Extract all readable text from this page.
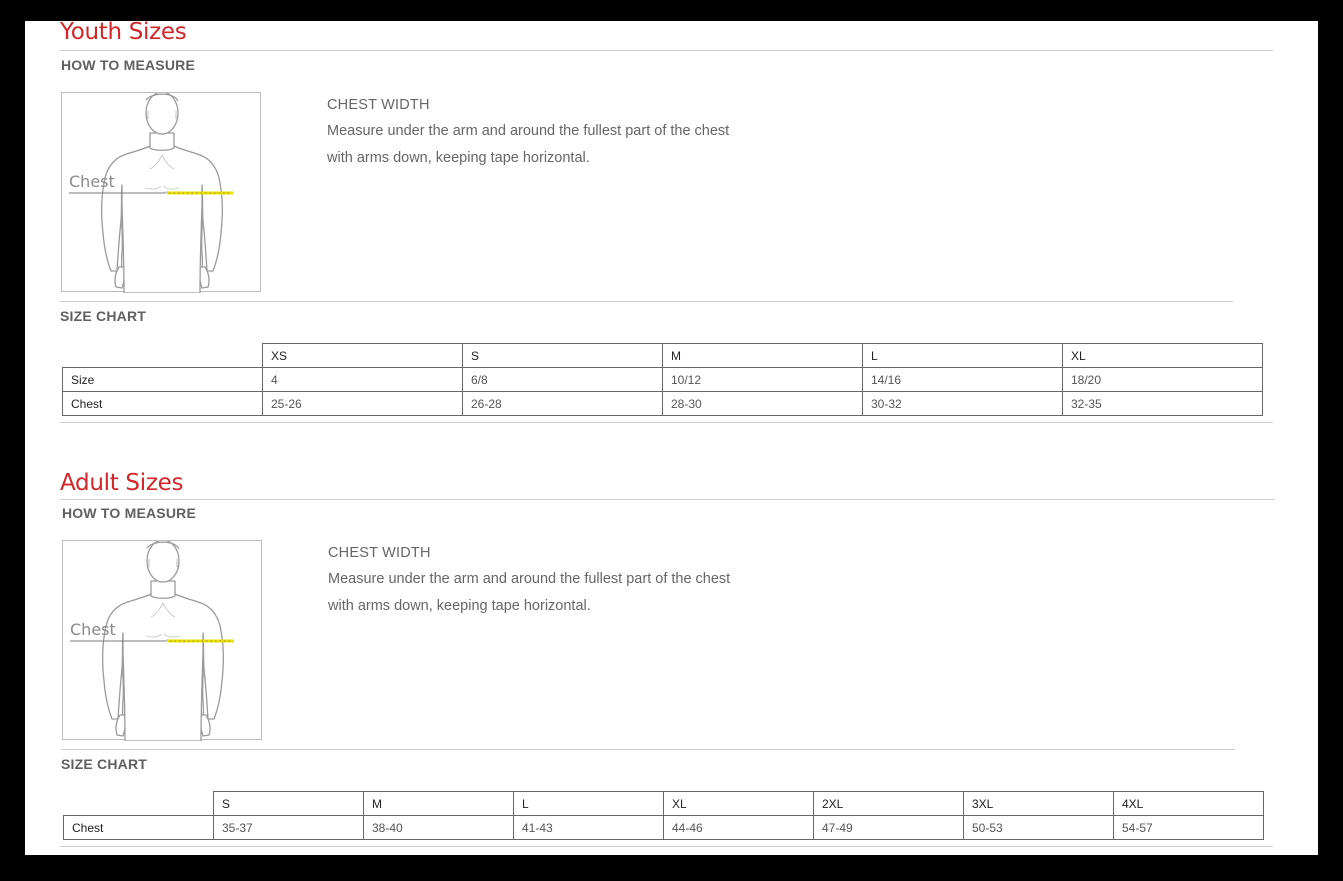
Youth Sizes
HOW TO MEASURE
Chest
CHEST WIDTH
Measure under the arm and around the fullest part of the chest
with arms down, keeping tape horizontal.
SIZE CHART
	XS	S	M	L	XL
Size	4	6/8	10/12	14/16	18/20
Chest	25-26	26-28	28-30	30-32	32-35
Adult Sizes
HOW TO MEASURE
Chest
CHEST WIDTH
Measure under the arm and around the fullest part of the chest
with arms down, keeping tape horizontal.
SIZE CHART
	S	M	L	XL	2XL	3XL	4XL
Chest	35-37	38-40	41-43	44-46	47-49	50-53	54-57
